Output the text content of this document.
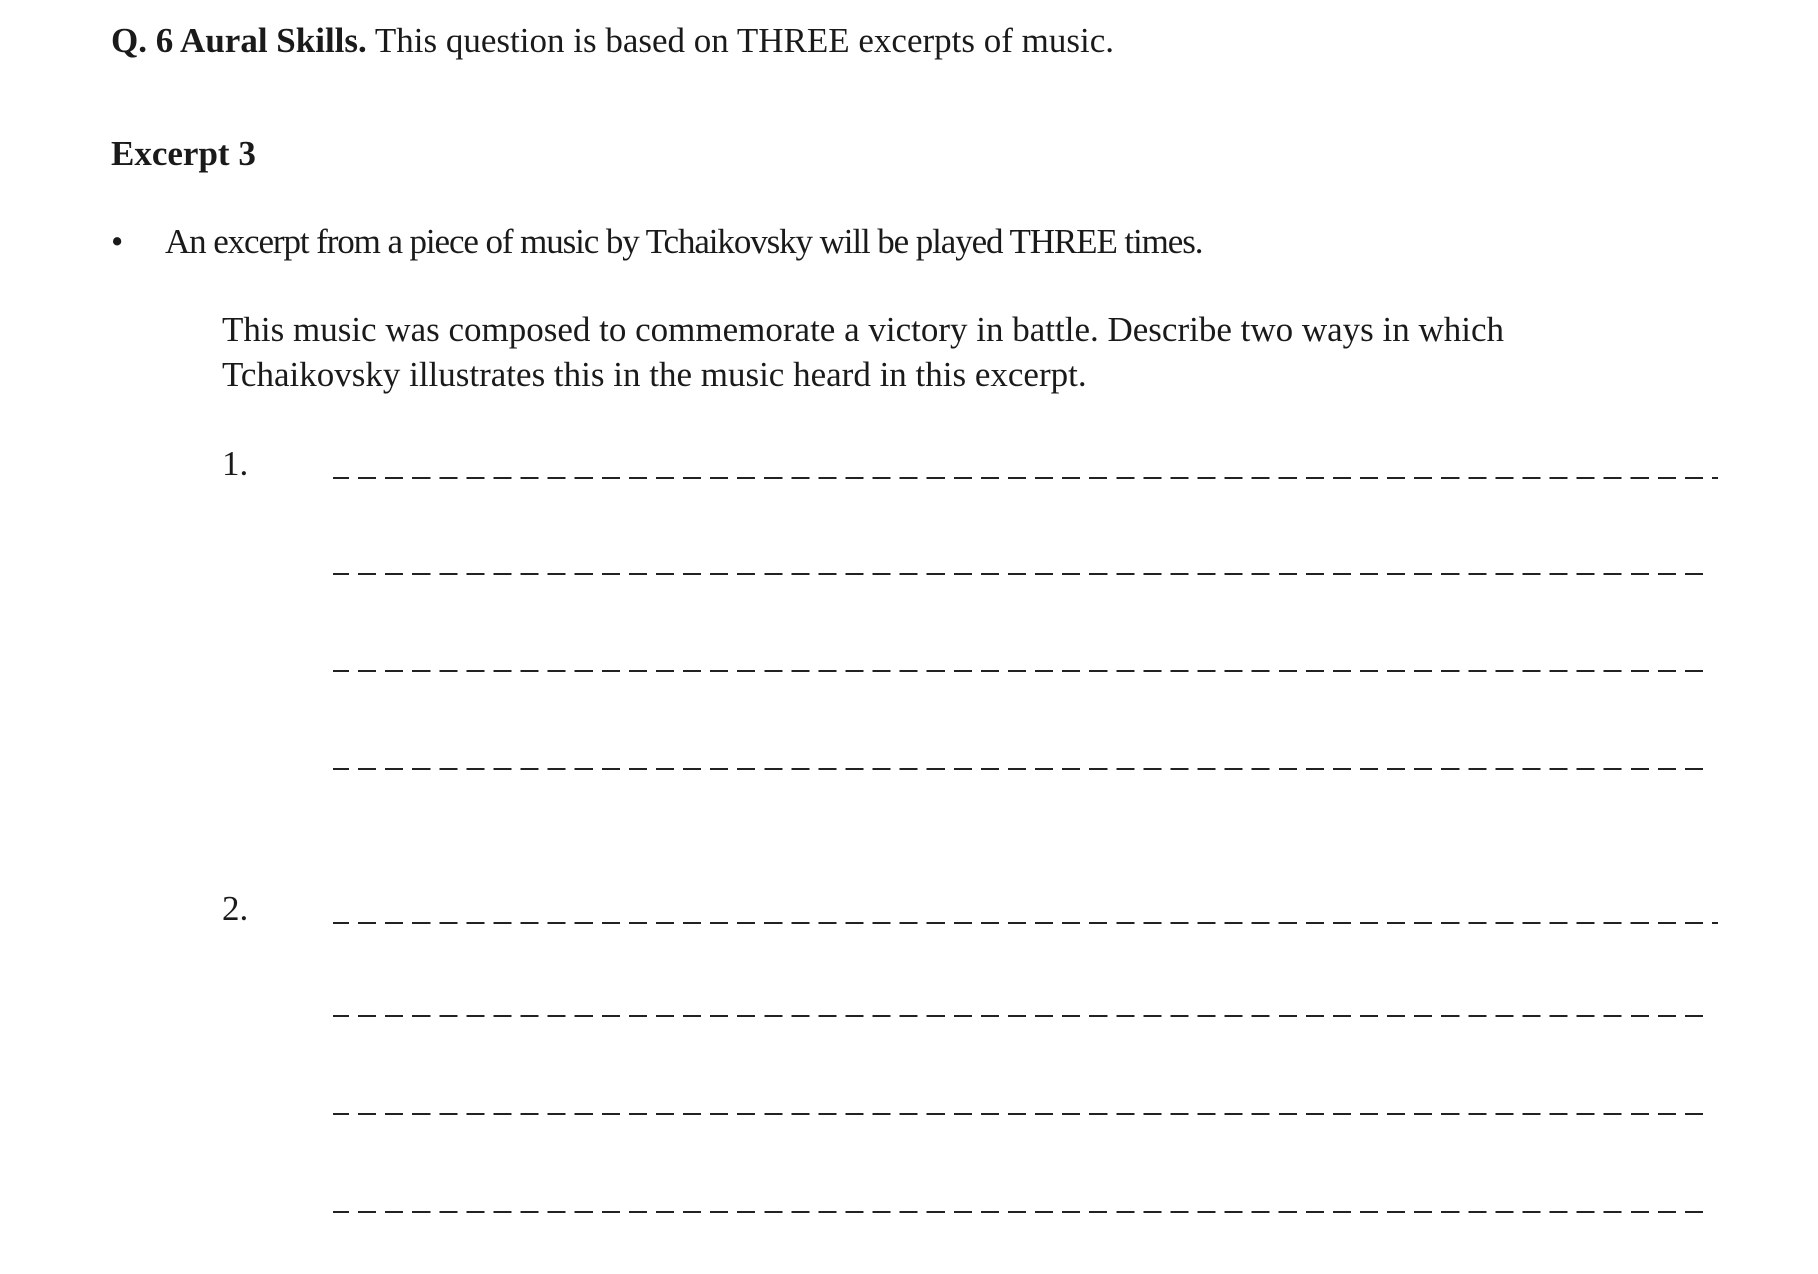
Q. 6 Aural Skills. This question is based on THREE excerpts of music.
Excerpt 3
• An excerpt from a piece of music by Tchaikovsky will be played THREE times.
This music was composed to commemorate a victory in battle. Describe two ways in which
Tchaikovsky illustrates this in the music heard in this excerpt.
1.
2.
